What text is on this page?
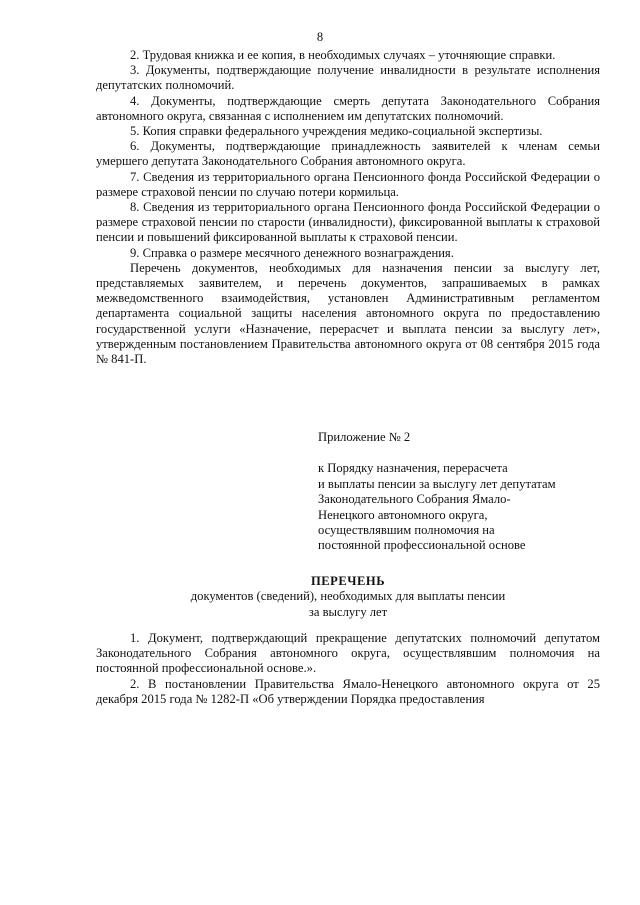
8

2. Трудовая книжка и ее копия, в необходимых случаях – уточняющие справки.

3. Документы, подтверждающие получение инвалидности в результате исполнения депутатских полномочий.

4. Документы, подтверждающие смерть депутата Законодательного Собрания автономного округа, связанная с исполнением им депутатских полномочий.

5. Копия справки федерального учреждения медико-социальной экспертизы.

6. Документы, подтверждающие принадлежность заявителей к членам семьи умершего депутата Законодательного Собрания автономного округа.

7. Сведения из территориального органа Пенсионного фонда Российской Федерации о размере страховой пенсии по случаю потери кормильца.

8. Сведения из территориального органа Пенсионного фонда Российской Федерации о размере страховой пенсии по старости (инвалидности), фиксированной выплаты к страховой пенсии и повышений фиксированной выплаты к страховой пенсии.

9. Справка о размере месячного денежного вознаграждения.

Перечень документов, необходимых для назначения пенсии за выслугу лет, представляемых заявителем, и перечень документов, запрашиваемых в рамках межведомственного взаимодействия, установлен Административным регламентом департамента социальной защиты населения автономного округа по предоставлению государственной услуги «Назначение, перерасчет и выплата пенсии за выслугу лет», утвержденным постановлением Правительства автономного округа от 08 сентября 2015 года № 841-П.

Приложение № 2

к Порядку назначения, перерасчета
и выплаты пенсии за выслугу лет депутатам
Законодательного Собрания Ямало-
Ненецкого автономного округа,
осуществлявшим полномочия на
постоянной профессиональной основе
ПЕРЕЧЕНЬ
документов (сведений), необходимых для выплаты пенсии
за выслугу лет

1. Документ, подтверждающий прекращение депутатских полномочий депутатом Законодательного Собрания автономного округа, осуществлявшим полномочия на постоянной профессиональной основе.».

2. В постановлении Правительства Ямало-Ненецкого автономного округа от 25 декабря 2015 года № 1282-П «Об утверждении Порядка предоставления
